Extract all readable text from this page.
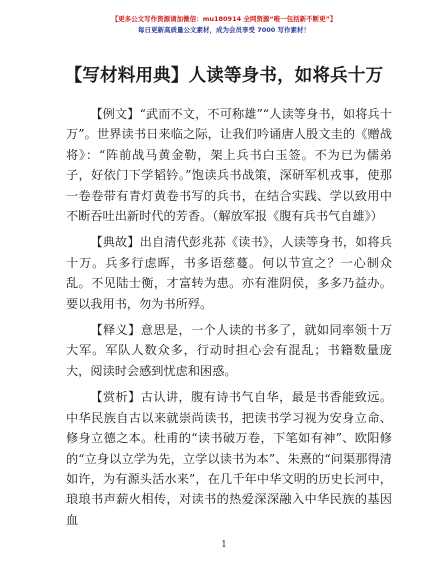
【更多公文写作资源请加微信：mu180914 全网资源“唯一包括新不断更”】
每日更新高质量公文素材，成为会员享受 7000 写作素材！
【写材料用典】人读等身书，如将兵十万

【例文】“武而不文，不可称雄”“人读等身书，如将兵十万”。世界读书日来临之际，让我们吟诵唐人殷文圭的《赠战将》：“阵前战马黄金勒，架上兵书白玉签。不为已为儒弟子，好依门下学韬钤。”饱读兵书战策，深研军机戎事，使那一卷卷带有青灯黄卷书写的兵书，在结合实践、学以致用中不断吞吐出新时代的芳香。（解放军报《腹有兵书气自雄》）

【典故】出自清代彭兆荪《读书》，人读等身书，如将兵十万。兵多行虑晖，书多语慈蔓。何以节宣之？一心制众乱。不见陆士衡，才富转为患。亦有淮阴侯，多多乃益办。要以我用书，勿为书所殍。

【释义】意思是，一个人读的书多了，就如同率领十万大军。军队人数众多，行动时担心会有混乱；书籍数量庞大，阅读时会感到忧虑和困惑。

【赏析】古认讲，腹有诗书气自华，最是书香能致远。中华民族自古以来就崇尚读书，把读书学习视为安身立命、修身立德之本。杜甫的“读书破万卷，下笔如有神”、欧阳修的“立身以立学为先，立学以读书为本”、朱熹的“问渠那得清如许，为有源头活水来”，在几千年中华文明的历史长河中，琅琅书声薪火相传，对读书的热爱深深融入中华民族的基因血

1
